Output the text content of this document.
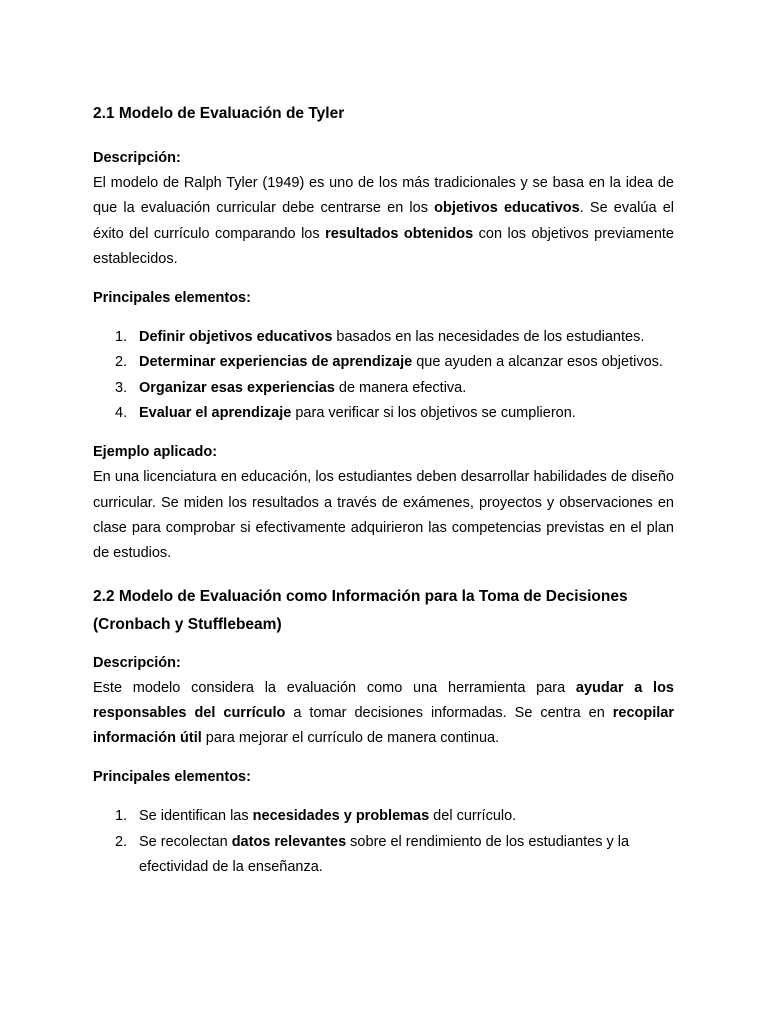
2.1 Modelo de Evaluación de Tyler
Descripción:

El modelo de Ralph Tyler (1949) es uno de los más tradicionales y se basa en la idea de que la evaluación curricular debe centrarse en los objetivos educativos. Se evalúa el éxito del currículo comparando los resultados obtenidos con los objetivos previamente establecidos.

Principales elementos:
1. Definir objetivos educativos basados en las necesidades de los estudiantes.
2. Determinar experiencias de aprendizaje que ayuden a alcanzar esos objetivos.
3. Organizar esas experiencias de manera efectiva.
4. Evaluar el aprendizaje para verificar si los objetivos se cumplieron.
Ejemplo aplicado:

En una licenciatura en educación, los estudiantes deben desarrollar habilidades de diseño curricular. Se miden los resultados a través de exámenes, proyectos y observaciones en clase para comprobar si efectivamente adquirieron las competencias previstas en el plan de estudios.

2.2 Modelo de Evaluación como Información para la Toma de Decisiones (Cronbach y Stufflebeam)
Descripción:

Este modelo considera la evaluación como una herramienta para ayudar a los responsables del currículo a tomar decisiones informadas. Se centra en recopilar información útil para mejorar el currículo de manera continua.

Principales elementos:
1. Se identifican las necesidades y problemas del currículo.
2. Se recolectan datos relevantes sobre el rendimiento de los estudiantes y la efectividad de la enseñanza.
